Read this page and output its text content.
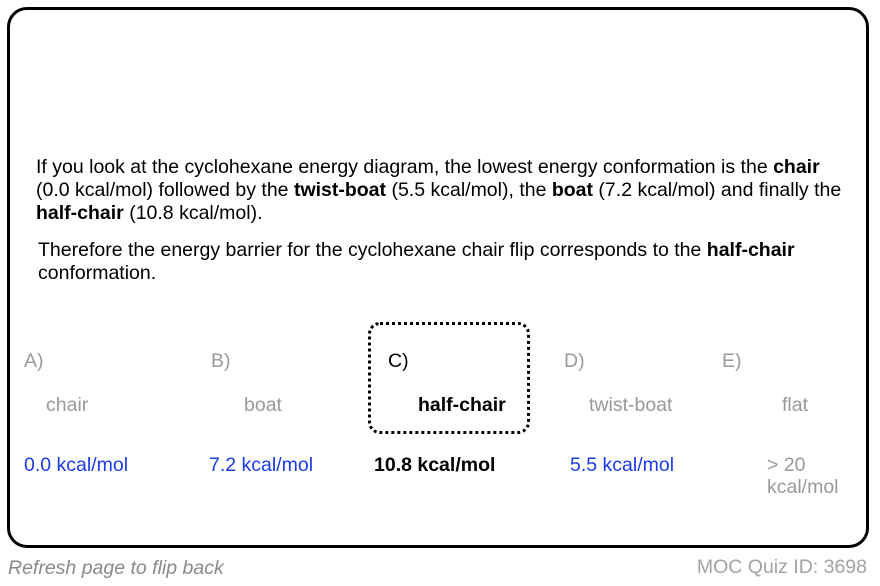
If you look at the cyclohexane energy diagram, the lowest energy conformation is the chair (0.0 kcal/mol) followed by the twist-boat (5.5 kcal/mol), the boat (7.2 kcal/mol) and finally the half-chair (10.8 kcal/mol).

Therefore the energy barrier for the cyclohexane chair flip corresponds to the half-chair conformation.

A)
chair
0.0 kcal/mol
B)
boat
7.2 kcal/mol
C)
half-chair
10.8 kcal/mol
D)
twist-boat
5.5 kcal/mol
E)
flat
> 20
kcal/mol
Refresh page to flip back	MOC Quiz ID: 3698
